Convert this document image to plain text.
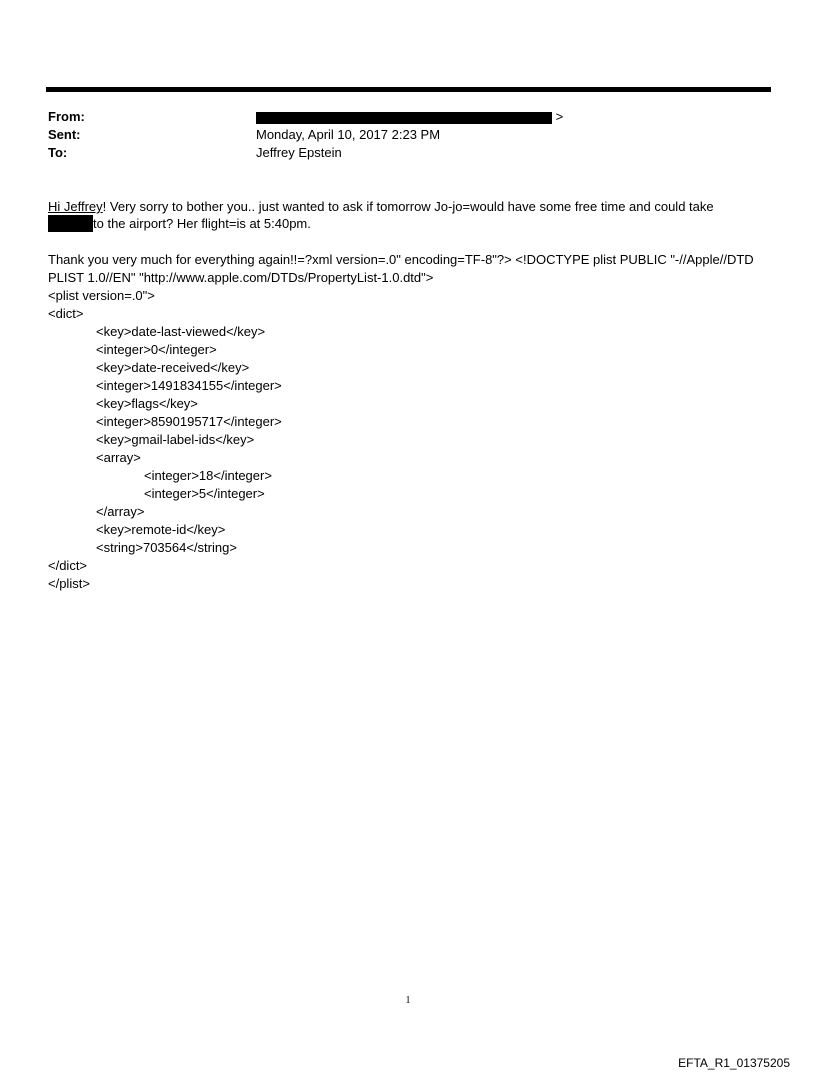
From:	>
Sent:	Monday, April 10, 2017 2:23 PM
To:	Jeffrey Epstein
Hi Jeffrey! Very sorry to bother you.. just wanted to ask if tomorrow Jo-jo=would have some free time and could take
to the airport? Her flight=is at 5:40pm.
Thank you very much for everything again!!=?xml version=.0" encoding=TF-8"?> <!DOCTYPE plist PUBLIC "-//Apple//DTD
PLIST 1.0//EN" "http://www.apple.com/DTDs/PropertyList-1.0.dtd">
<plist version=.0">
<dict>
<key>date-last-viewed</key>
<integer>0</integer>
<key>date-received</key>
<integer>1491834155</integer>
<key>flags</key>
<integer>8590195717</integer>
<key>gmail-label-ids</key>
<array>
<integer>18</integer>
<integer>5</integer>
</array>
<key>remote-id</key>
<string>703564</string>
</dict>
</plist>
1
EFTA_R1_01375205
